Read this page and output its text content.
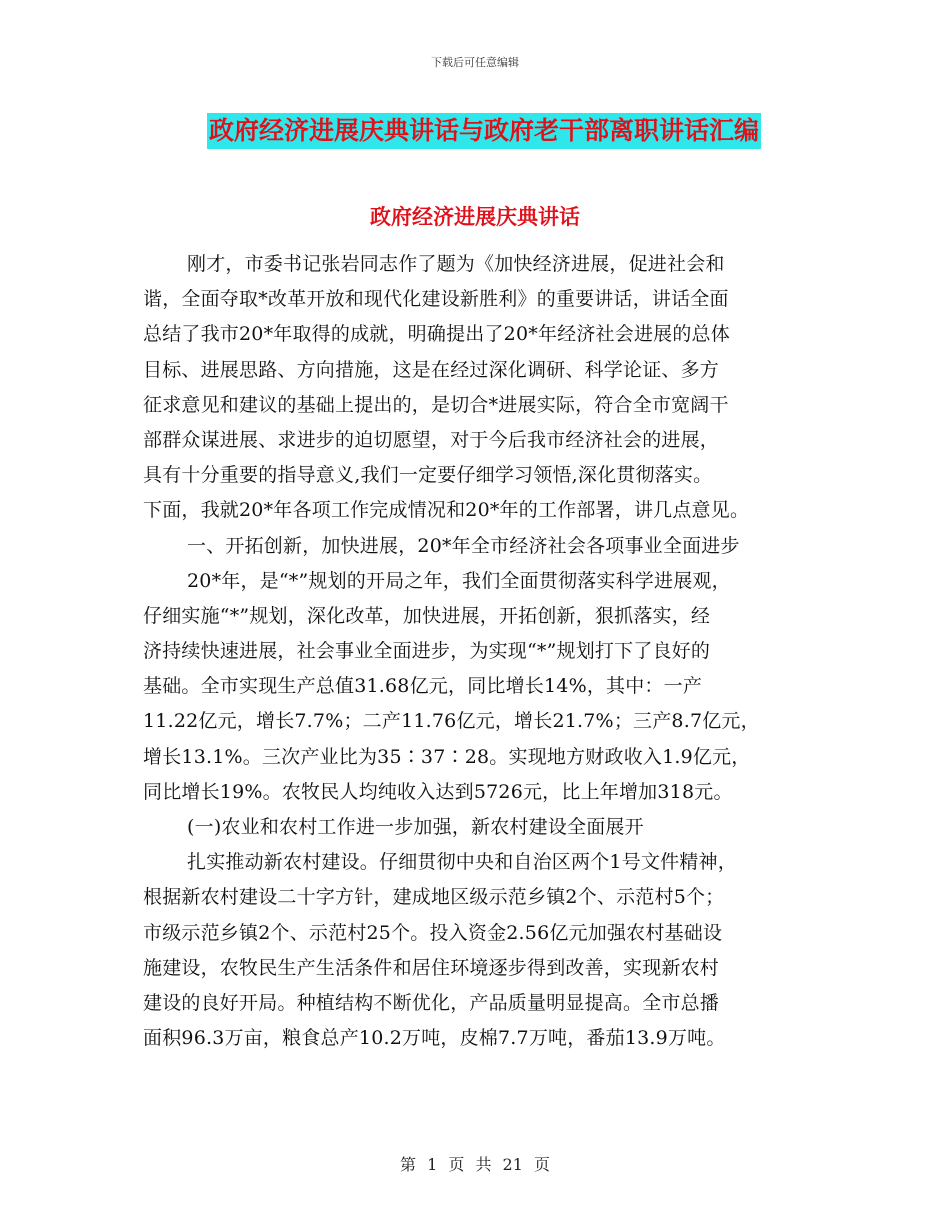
下载后可任意编辑
政府经济进展庆典讲话与政府老干部离职讲话汇编
政府经济进展庆典讲话
刚才，市委书记张岩同志作了题为《加快经济进展，促进社会和
谐，全面夺取*改革开放和现代化建设新胜利》的重要讲话，讲话全面
总结了我市20*年取得的成就，明确提出了20*年经济社会进展的总体
目标、进展思路、方向措施，这是在经过深化调研、科学论证、多方
征求意见和建议的基础上提出的，是切合*进展实际，符合全市宽阔干
部群众谋进展、求进步的迫切愿望，对于今后我市经济社会的进展，
具有十分重要的指导意义,我们一定要仔细学习领悟,深化贯彻落实。
下面，我就20*年各项工作完成情况和20*年的工作部署，讲几点意见。
一、开拓创新，加快进展，20*年全市经济社会各项事业全面进步
20*年，是“*”规划的开局之年，我们全面贯彻落实科学进展观，
仔细实施“*”规划，深化改革，加快进展，开拓创新，狠抓落实，经
济持续快速进展，社会事业全面进步，为实现“*”规划打下了良好的
基础。全市实现生产总值31.68亿元，同比增长14%，其中：一产
11.22亿元，增长7.7%；二产11.76亿元，增长21.7%；三产8.7亿元，
增长13.1%。三次产业比为35∶37∶28。实现地方财政收入1.9亿元，
同比增长19%。农牧民人均纯收入达到5726元，比上年增加318元。
(一)农业和农村工作进一步加强，新农村建设全面展开
扎实推动新农村建设。仔细贯彻中央和自治区两个1号文件精神，
根据新农村建设二十字方针，建成地区级示范乡镇2个、示范村5个；
市级示范乡镇2个、示范村25个。投入资金2.56亿元加强农村基础设
施建设，农牧民生产生活条件和居住环境逐步得到改善，实现新农村
建设的良好开局。种植结构不断优化，产品质量明显提高。全市总播
面积96.3万亩，粮食总产10.2万吨，皮棉7.7万吨，番茄13.9万吨。
第 1 页 共 21 页
